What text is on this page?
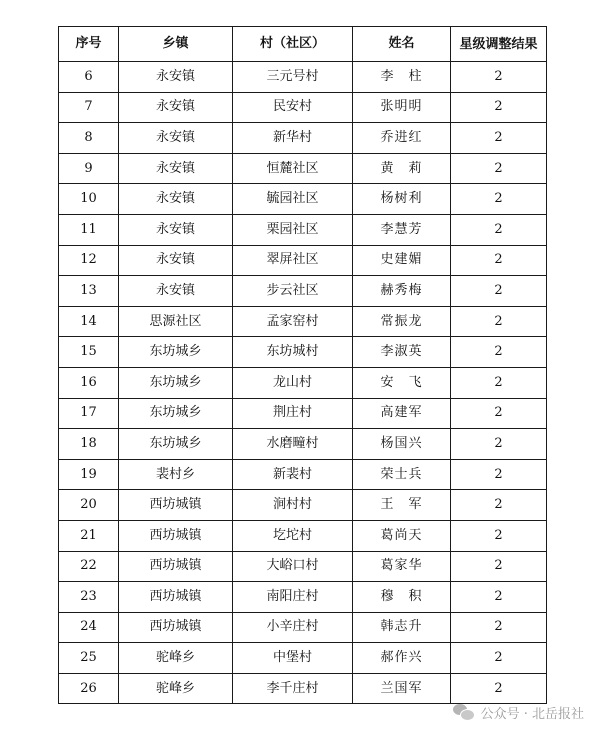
序号	乡镇	村（社区）	姓名	星级调整结果
6	永安镇	三元号村	李　柱	2
7	永安镇	民安村	张明明	2
8	永安镇	新华村	乔进红	2
9	永安镇	恒麓社区	黄　莉	2
10	永安镇	毓园社区	杨树利	2
11	永安镇	栗园社区	李慧芳	2
12	永安镇	翠屏社区	史建媚	2
13	永安镇	步云社区	赫秀梅	2
14	思源社区	孟家窑村	常振龙	2
15	东坊城乡	东坊城村	李淑英	2
16	东坊城乡	龙山村	安　飞	2
17	东坊城乡	荆庄村	高建军	2
18	东坊城乡	水磨疃村	杨国兴	2
19	裴村乡	新裴村	荣士兵	2
20	西坊城镇	涧村村	王　军	2
21	西坊城镇	圪坨村	葛尚天	2
22	西坊城镇	大峪口村	葛家华	2
23	西坊城镇	南阳庄村	穆　积	2
24	西坊城镇	小辛庄村	韩志升	2
25	驼峰乡	中堡村	郝作兴	2
26	驼峰乡	李千庄村	兰国军	2
公众号 · 北岳报社
